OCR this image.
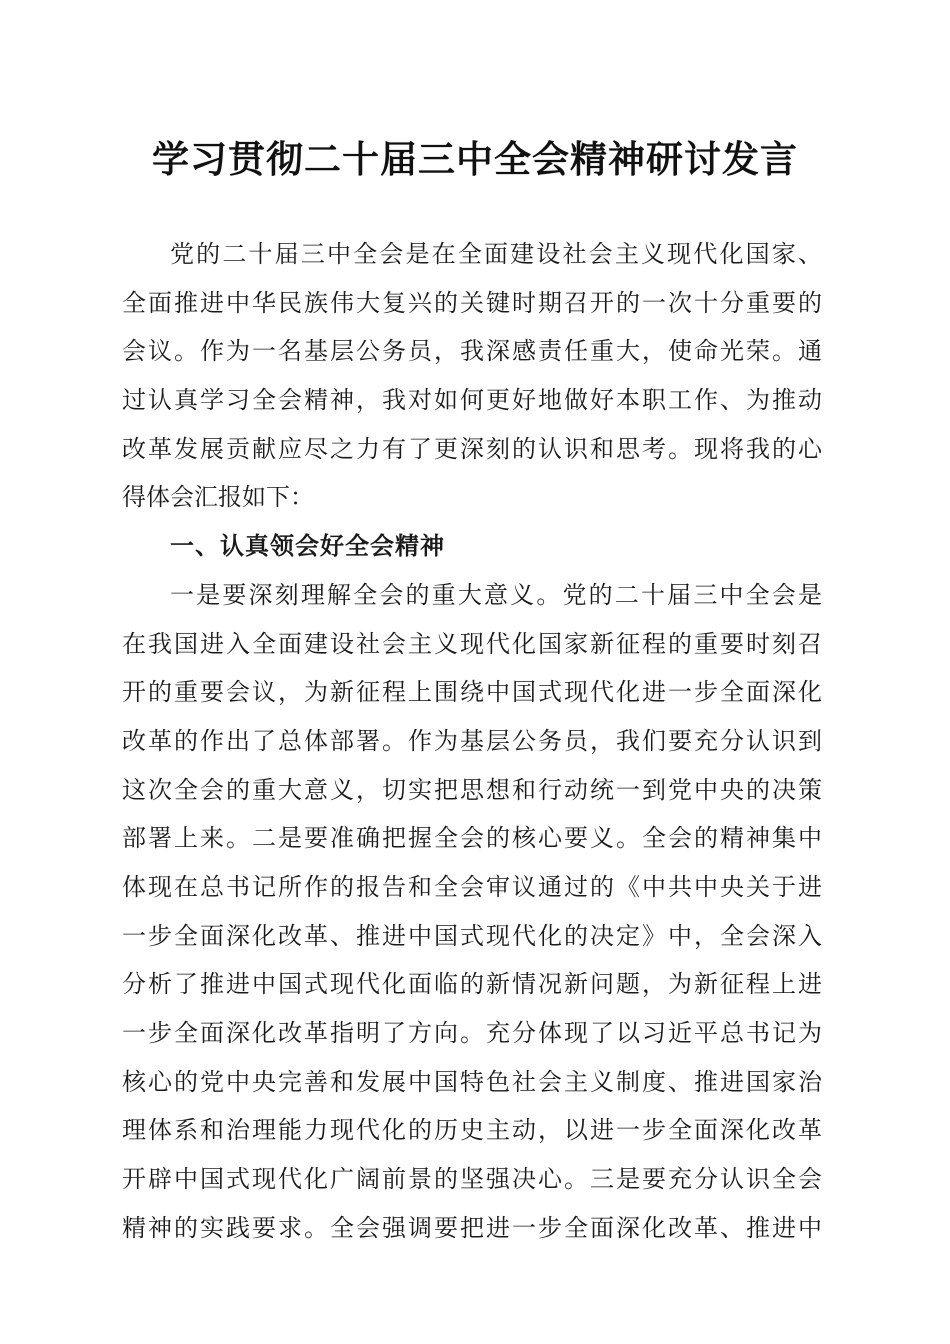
学习贯彻二十届三中全会精神研讨发言
党的二十届三中全会是在全面建设社会主义现代化国家、
全面推进中华民族伟大复兴的关键时期召开的一次十分重要的
会议。作为一名基层公务员，我深感责任重大，使命光荣。通
过认真学习全会精神，我对如何更好地做好本职工作、为推动
改革发展贡献应尽之力有了更深刻的认识和思考。现将我的心
得体会汇报如下：
一、认真领会好全会精神
一是要深刻理解全会的重大意义。党的二十届三中全会是
在我国进入全面建设社会主义现代化国家新征程的重要时刻召
开的重要会议，为新征程上围绕中国式现代化进一步全面深化
改革的作出了总体部署。作为基层公务员，我们要充分认识到
这次全会的重大意义，切实把思想和行动统一到党中央的决策
部署上来。二是要准确把握全会的核心要义。全会的精神集中
体现在总书记所作的报告和全会审议通过的《中共中央关于进
一步全面深化改革、推进中国式现代化的决定》中，全会深入
分析了推进中国式现代化面临的新情况新问题，为新征程上进
一步全面深化改革指明了方向。充分体现了以习近平总书记为
核心的党中央完善和发展中国特色社会主义制度、推进国家治
理体系和治理能力现代化的历史主动，以进一步全面深化改革
开辟中国式现代化广阔前景的坚强决心。三是要充分认识全会
精神的实践要求。全会强调要把进一步全面深化改革、推进中
